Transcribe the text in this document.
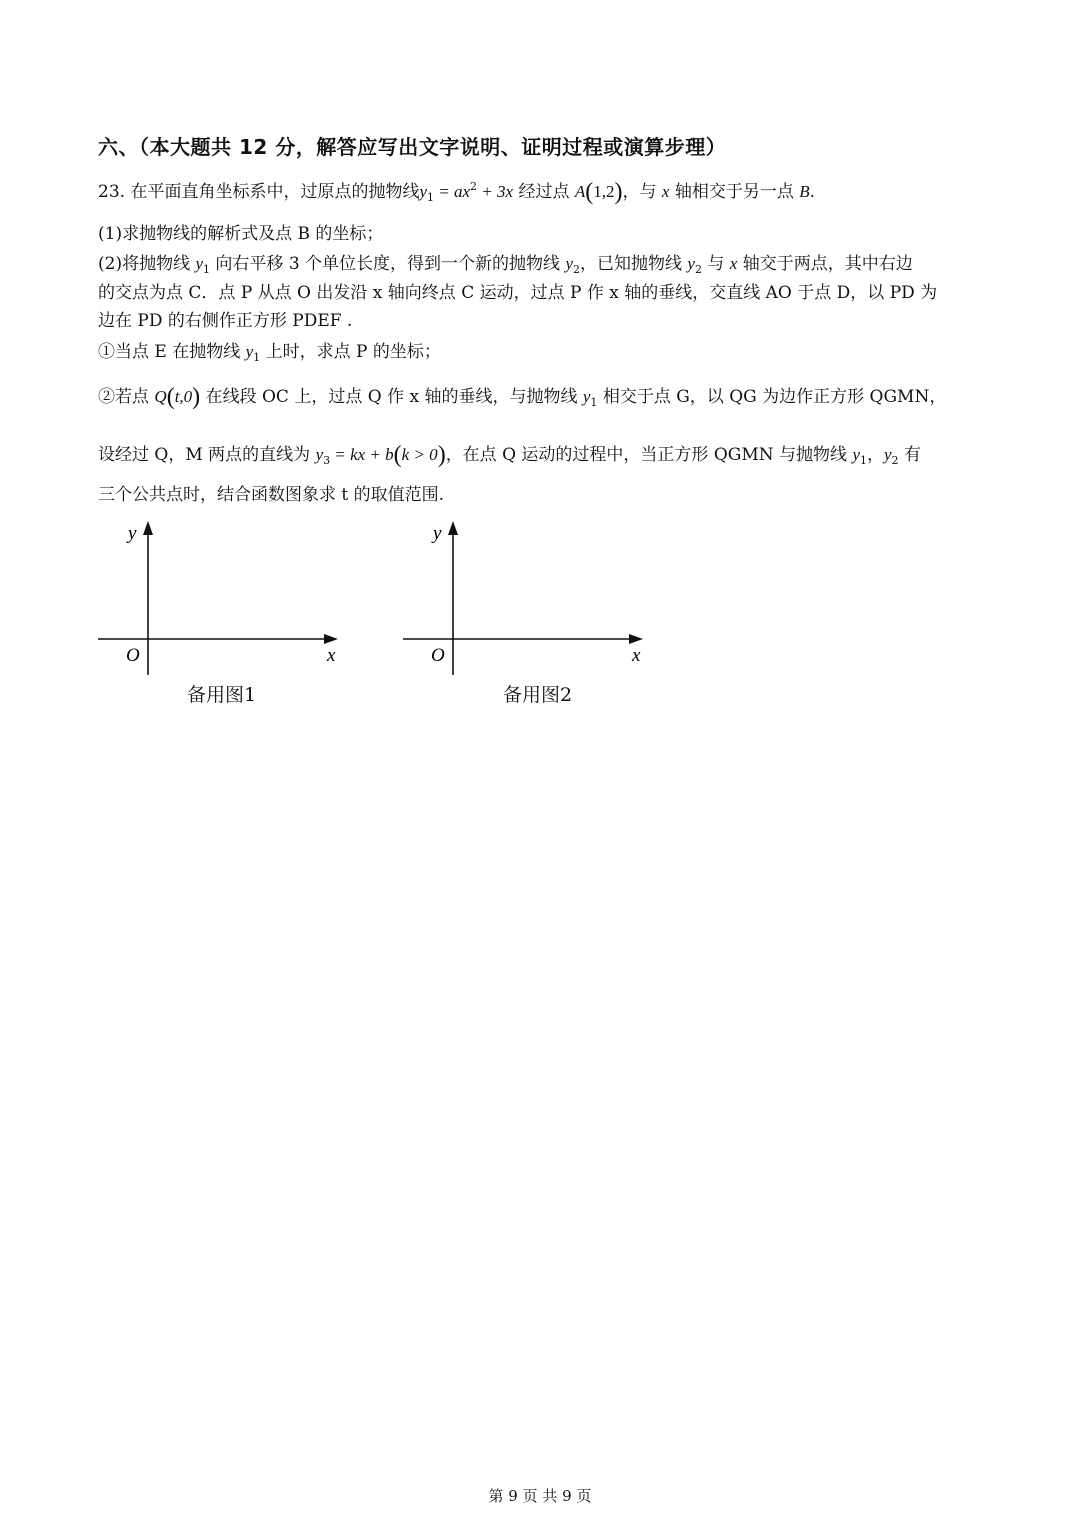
六、（本大题共 12 分，解答应写出文字说明、证明过程或演算步理）
23. 在平面直角坐标系中，过原点的抛物线$y_1 = ax^2 + 3x$ 经过点 A(1,2)，与 x 轴相交于另一点 B.
(1)求抛物线的解析式及点 B 的坐标；
(2)将抛物线 $y_1$ 向右平移 3 个单位长度，得到一个新的抛物线 $y_2$，已知抛物线 $y_2$ 与 x 轴交于两点，其中右边
的交点为点 C．点 P 从点 O 出发沿 x 轴向终点 C 运动，过点 P 作 x 轴的垂线，交直线 AO 于点 D，以 PD 为
边在 PD 的右侧作正方形 PDEF .
①当点 E 在抛物线 $y_1$ 上时，求点 P 的坐标；
②若点 Q(t,0) 在线段 OC 上，过点 Q 作 x 轴的垂线，与抛物线 $y_1$ 相交于点 G，以 QG 为边作正方形 QGMN，
设经过 Q，M 两点的直线为 $y_3$ = kx + b(k > 0)，在点 Q 运动的过程中，当正方形 QGMN 与抛物线 $y_1$，$y_2$ 有
三个公共点时，结合函数图象求 t 的取值范围.
y
x
O
备用图1
y
x
O
备用图2
第 9 页 共 9 页
